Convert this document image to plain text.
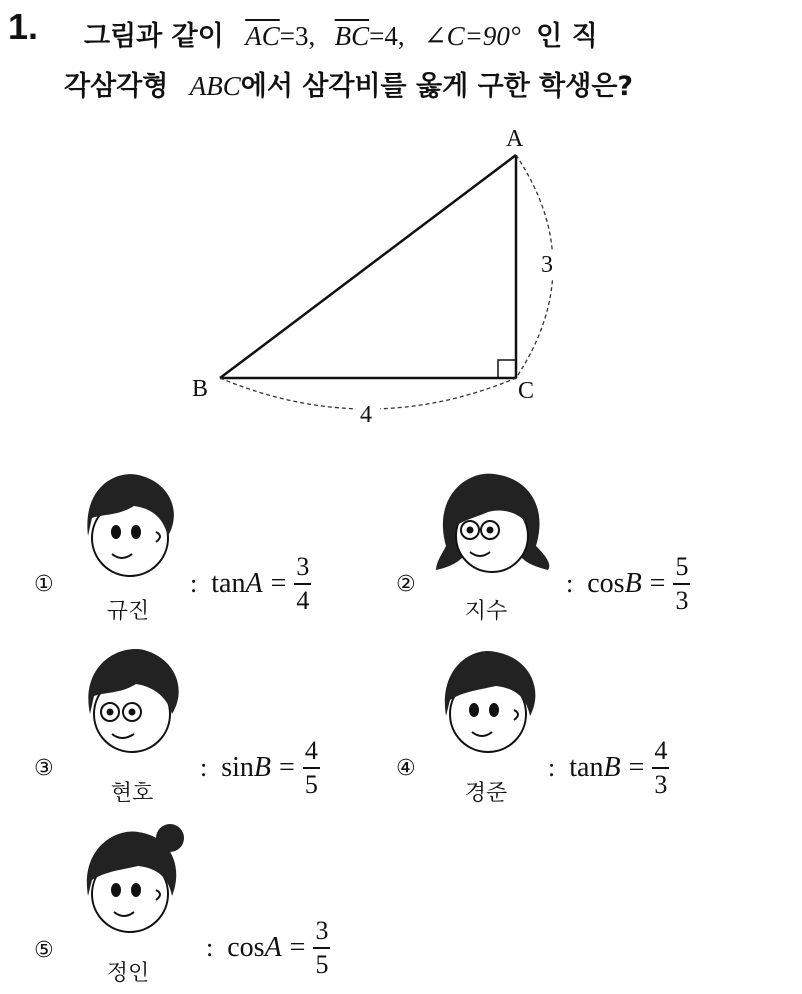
1. 그림과 같이 $\overline{AC}=3$, $\overline{BC}=4$, ∠C=90° 인 직
각삼각형 ABC에서 삼각비를 옳게 구한 학생은?
A
B	C
3
4
①
규진
: $\tan A = \frac{3}{4}$	②
지수
: $\cos B = \frac{5}{3}$
③
현호
: $\sin B = \frac{4}{5}$	④
경준
: $\tan B = \frac{4}{3}$
⑤
정인
: $\cos A = \frac{3}{5}$
